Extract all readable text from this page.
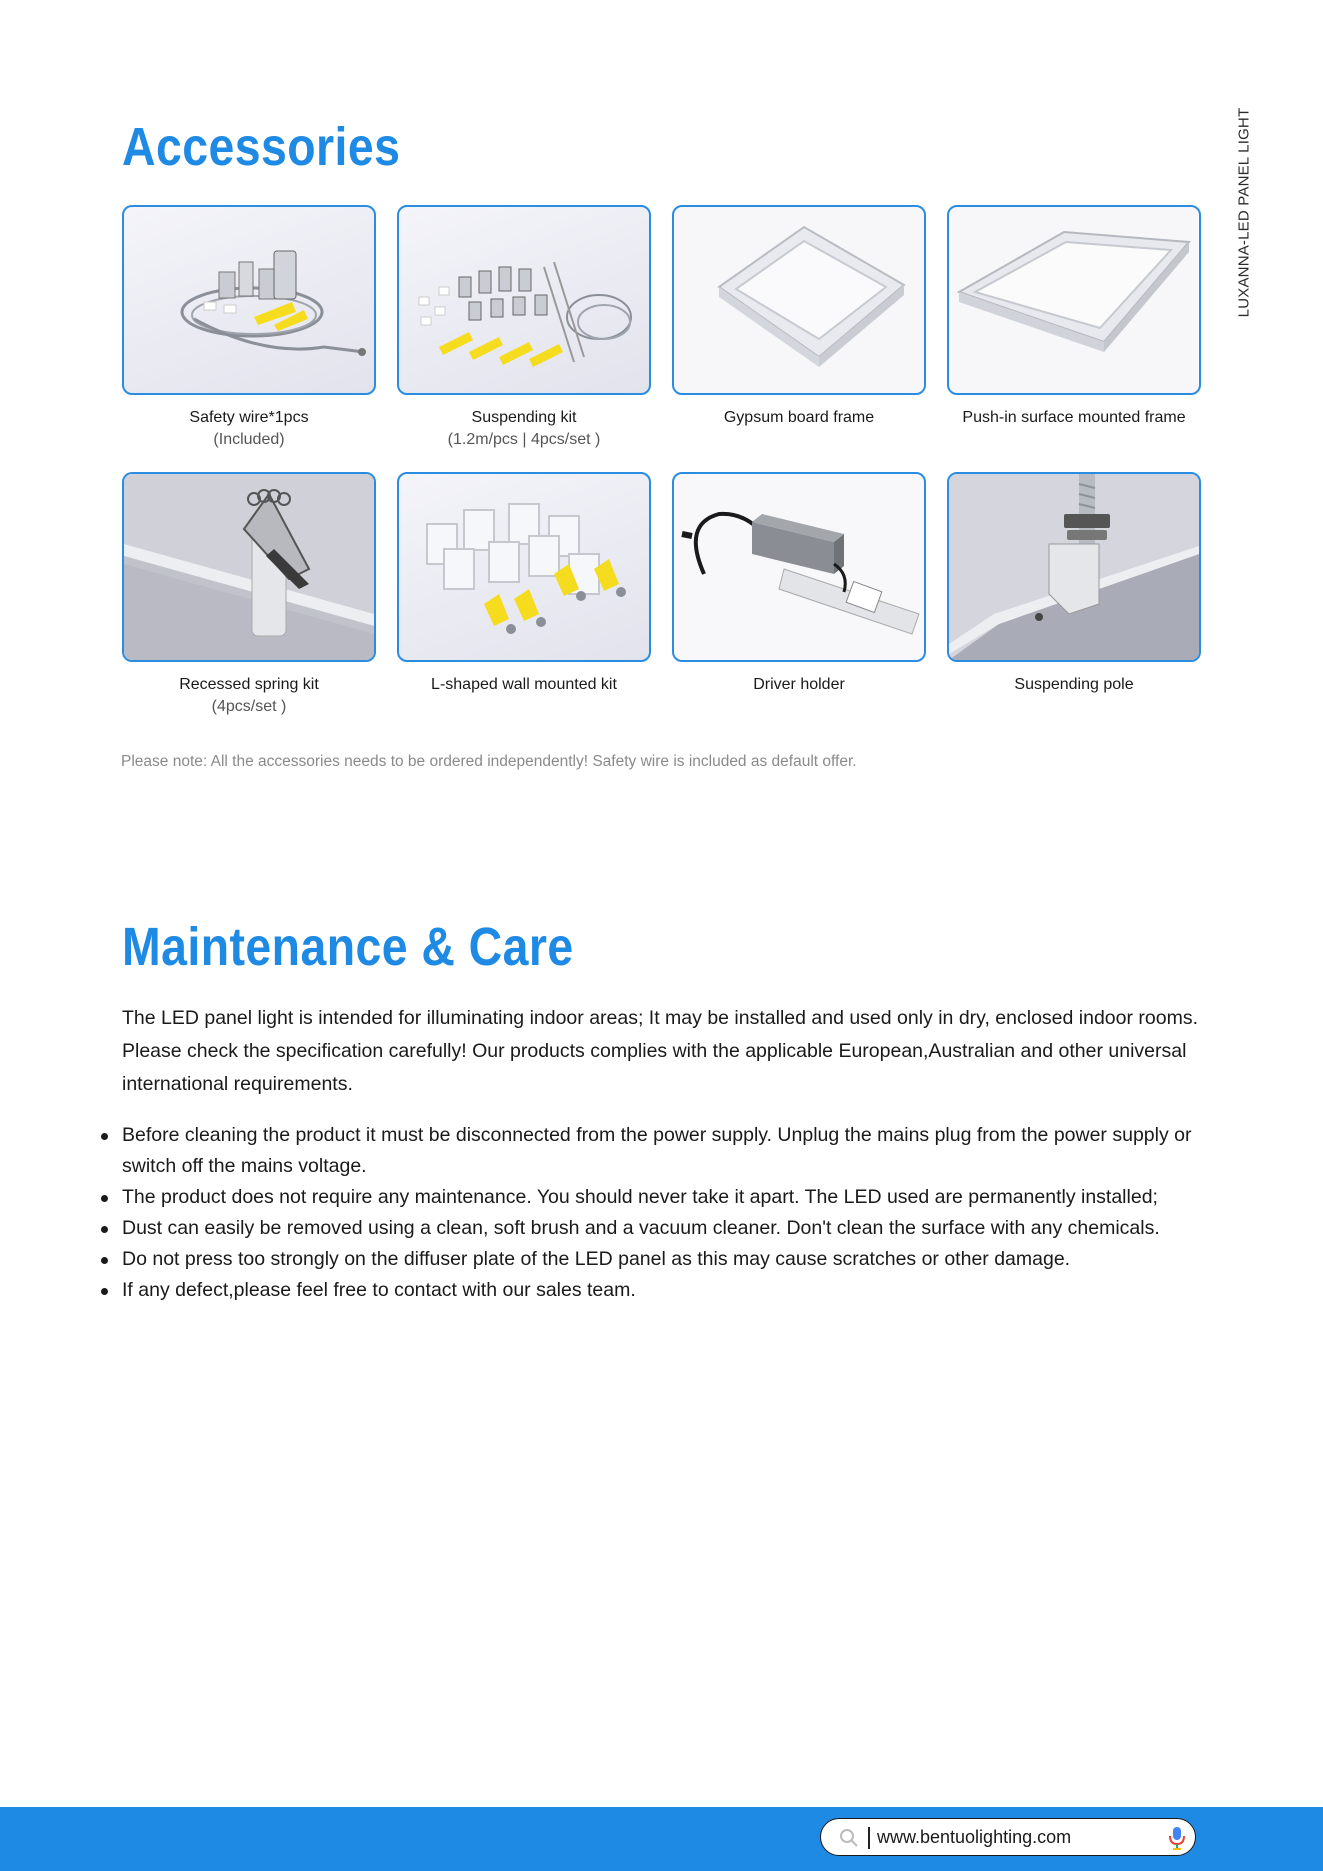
LUXANNA-LED PANEL LIGHT
Accessories
Safety wire*1pcs
(Included)
Suspending kit
(1.2m/pcs | 4pcs/set )
Gypsum board frame	Push-in surface mounted frame
Recessed spring kit
(4pcs/set )
L-shaped wall mounted kit	Driver holder	Suspending pole

Please note: All the accessories needs to be ordered independently! Safety wire is included as default offer.

Maintenance & Care

The LED panel light is intended for illuminating indoor areas; It may be installed and used only in dry, enclosed indoor rooms. Please check the specification carefully! Our products complies with the applicable European,Australian and other universal international requirements.

Before cleaning the product it must be disconnected from the power supply. Unplug the mains plug from the power supply or switch off the mains voltage.
The product does not require any maintenance. You should never take it apart. The LED used are permanently installed;
Dust can easily be removed using a clean, soft brush and a vacuum cleaner. Don't clean the surface with any chemicals.
Do not press too strongly on the diffuser plate of the LED panel as this may cause scratches or other damage.
If any defect,please feel free to contact with our sales team.
www.bentuolighting.com
